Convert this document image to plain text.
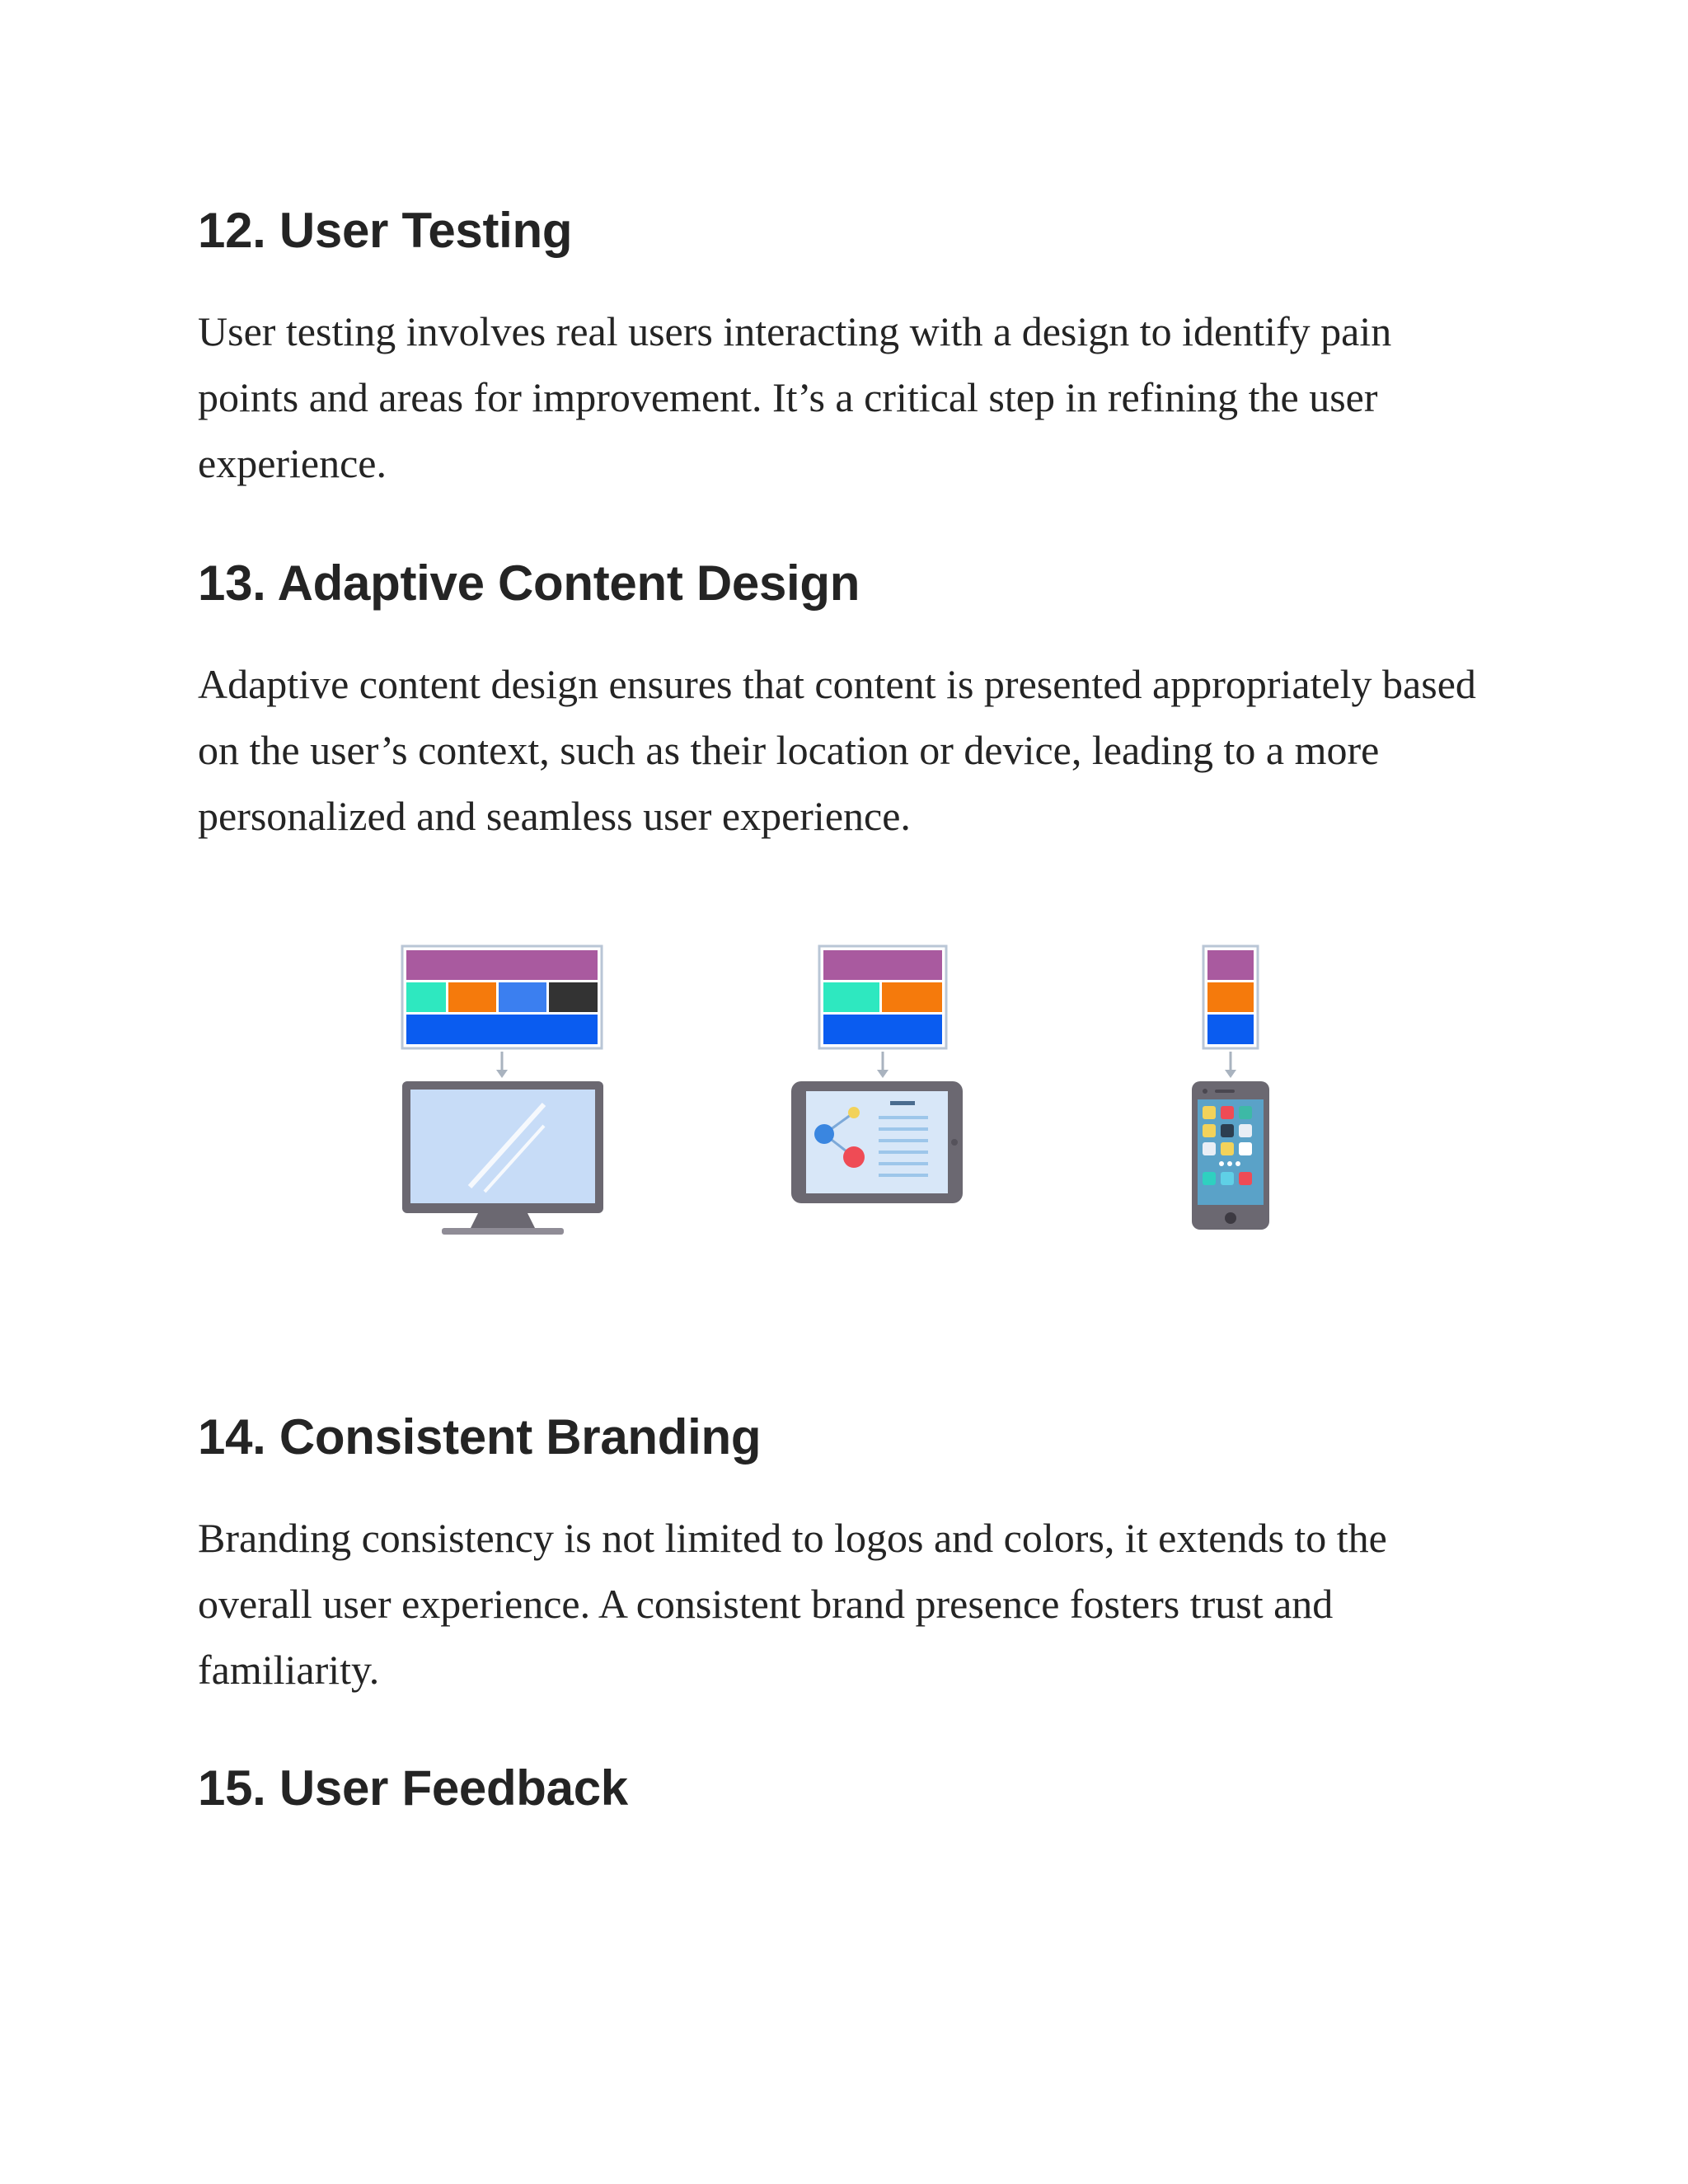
12. User Testing

User testing involves real users interacting with a design to identify pain points and areas for improvement. It’s a critical step in refining the user experience.

13. Adaptive Content Design

Adaptive content design ensures that content is presented appropriately based on the user’s context, such as their location or device, leading to a more personalized and seamless user experience.

14. Consistent Branding

Branding consistency is not limited to logos and colors, it extends to the overall user experience. A consistent brand presence fosters trust and familiarity.

15. User Feedback
